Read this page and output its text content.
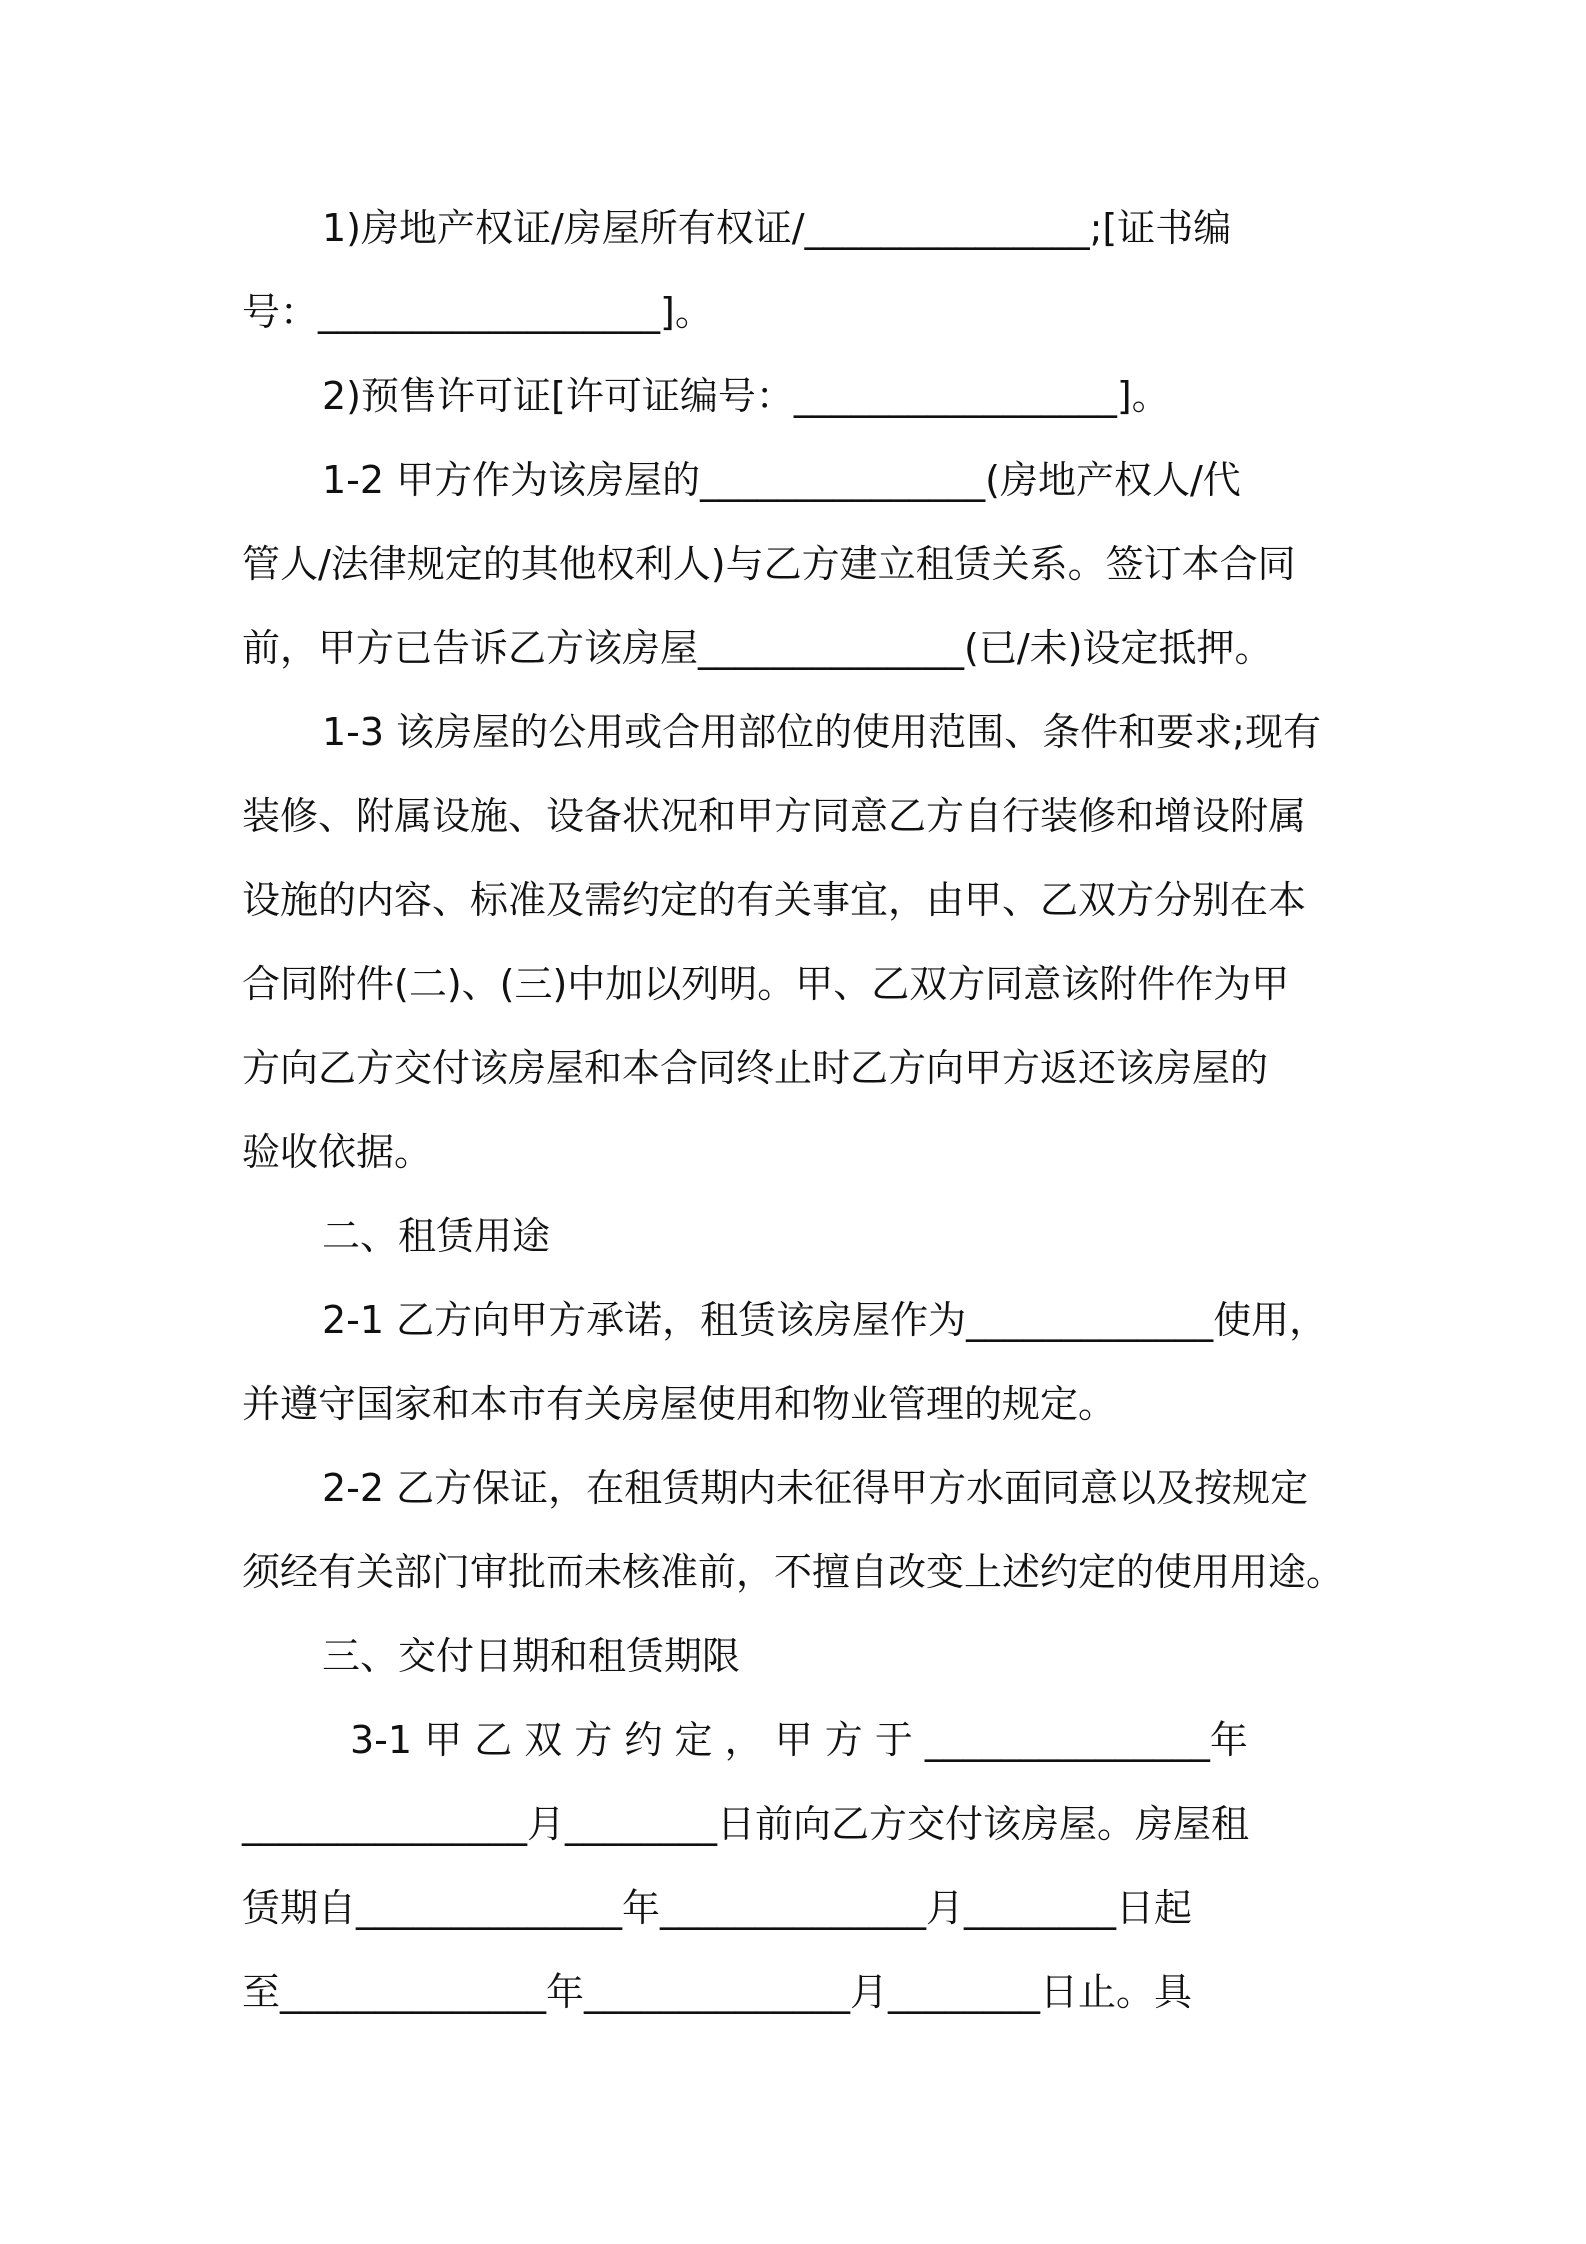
1)房地产权证/房屋所有权证/_______________;[证书编
号：__________________]。
2)预售许可证[许可证编号：_________________]。
1-2 甲方作为该房屋的_______________(房地产权人/代
管人/法律规定的其他权利人)与乙方建立租赁关系。签订本合同
前，甲方已告诉乙方该房屋______________(已/未)设定抵押。
1-3 该房屋的公用或合用部位的使用范围、条件和要求;现有
装修、附属设施、设备状况和甲方同意乙方自行装修和增设附属
设施的内容、标准及需约定的有关事宜，由甲、乙双方分别在本
合同附件(二)、(三)中加以列明。甲、乙双方同意该附件作为甲
方向乙方交付该房屋和本合同终止时乙方向甲方返还该房屋的
验收依据。
二、租赁用途
2-1 乙方向甲方承诺，租赁该房屋作为_____________使用，
并遵守国家和本市有关房屋使用和物业管理的规定。
2-2 乙方保证，在租赁期内未征得甲方水面同意以及按规定
须经有关部门审批而未核准前，不擅自改变上述约定的使用用途。
三、交付日期和租赁期限
3-1 甲 乙 双 方 约 定 ， 甲 方 于 _______________年
_______________月________日前向乙方交付该房屋。房屋租
赁期自______________年______________月________日起
至______________年______________月________日止。具
